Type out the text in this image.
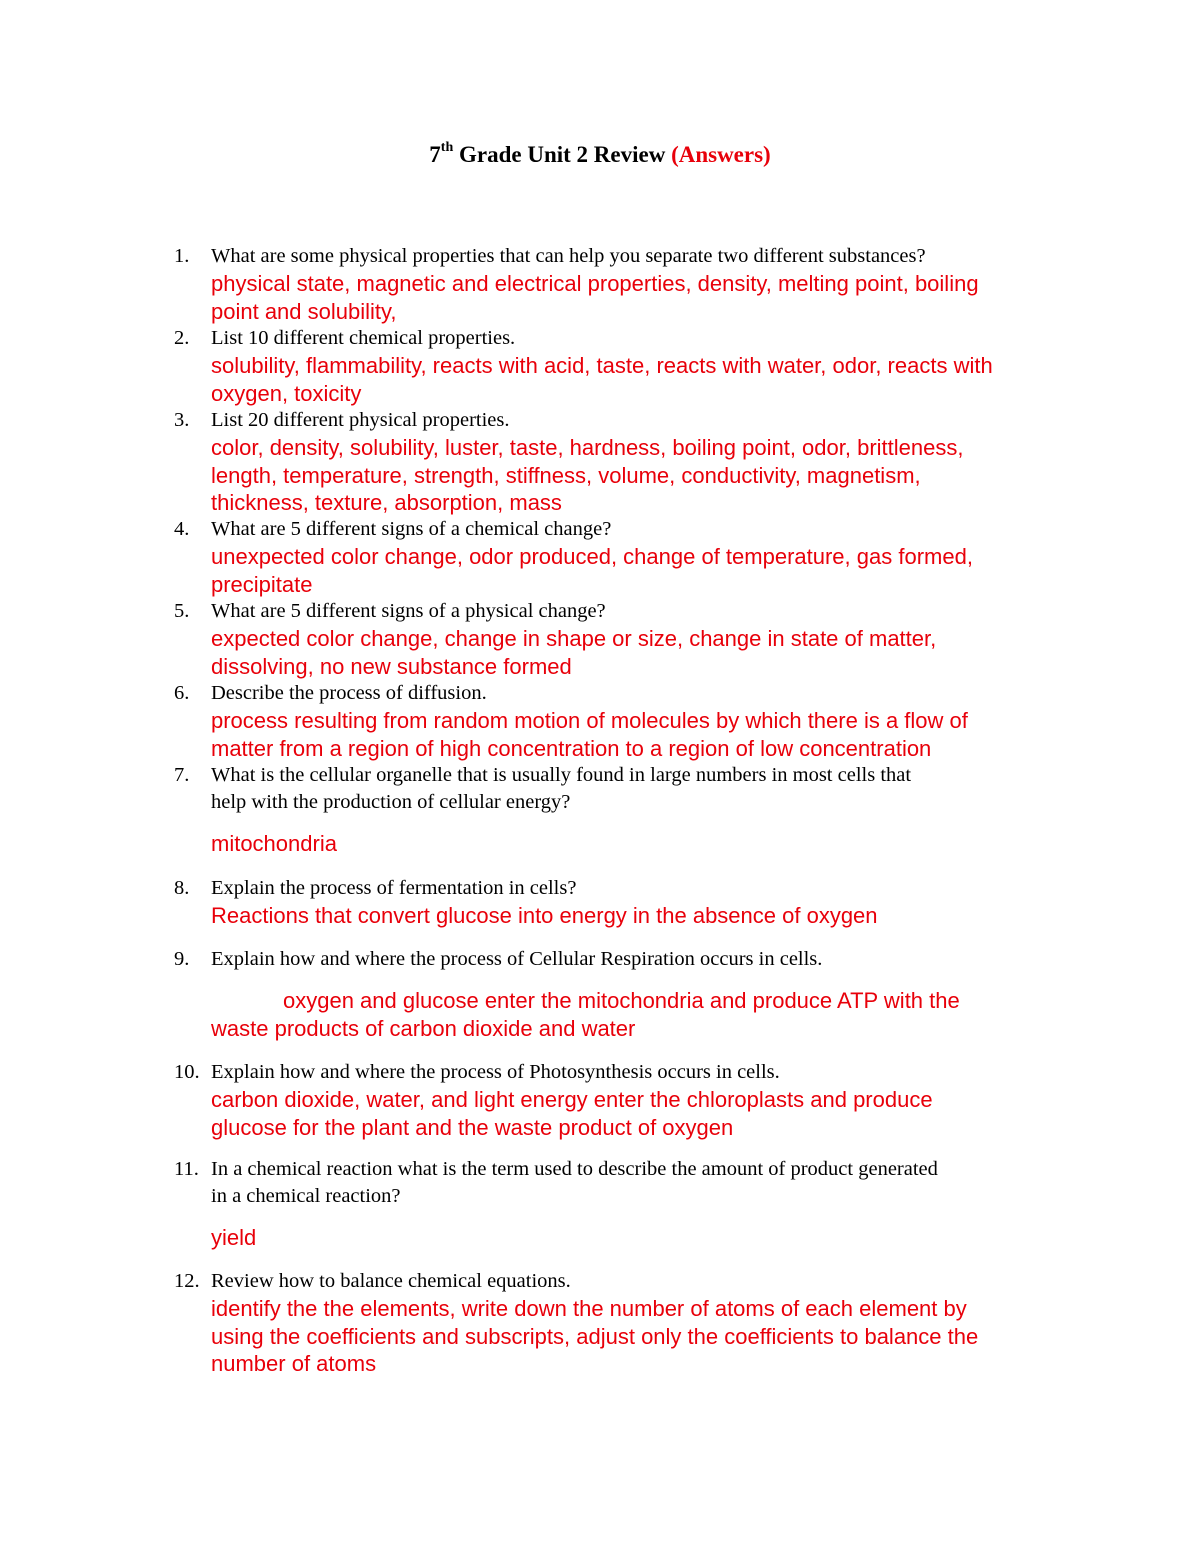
7th Grade Unit 2 Review (Answers)
1. What are some physical properties that can help you separate two different substances?
physical state, magnetic and electrical properties, density, melting point, boiling
point and solubility,
2. List 10 different chemical properties.
solubility, flammability, reacts with acid, taste, reacts with water, odor, reacts with
oxygen, toxicity
3. List 20 different physical properties.
color, density, solubility, luster, taste, hardness, boiling point, odor, brittleness,
length, temperature, strength, stiffness, volume, conductivity, magnetism,
thickness, texture, absorption, mass
4. What are 5 different signs of a chemical change?
unexpected color change, odor produced, change of temperature, gas formed,
precipitate
5. What are 5 different signs of a physical change?
expected color change, change in shape or size, change in state of matter,
dissolving, no new substance formed
6. Describe the process of diffusion.
process resulting from random motion of molecules by which there is a flow of
matter from a region of high concentration to a region of low concentration
7. What is the cellular organelle that is usually found in large numbers in most cells that
help with the production of cellular energy?
mitochondria
8. Explain the process of fermentation in cells?
Reactions that convert glucose into energy in the absence of oxygen
9. Explain how and where the process of Cellular Respiration occurs in cells.
oxygen and glucose enter the mitochondria and produce ATP with the
waste products of carbon dioxide and water
10. Explain how and where the process of Photosynthesis occurs in cells.
carbon dioxide, water, and light energy enter the chloroplasts and produce
glucose for the plant and the waste product of oxygen
11. In a chemical reaction what is the term used to describe the amount of product generated
in a chemical reaction?
yield
12. Review how to balance chemical equations.
identify the the elements, write down the number of atoms of each element by
using the coefficients and subscripts, adjust only the coefficients to balance the
number of atoms
